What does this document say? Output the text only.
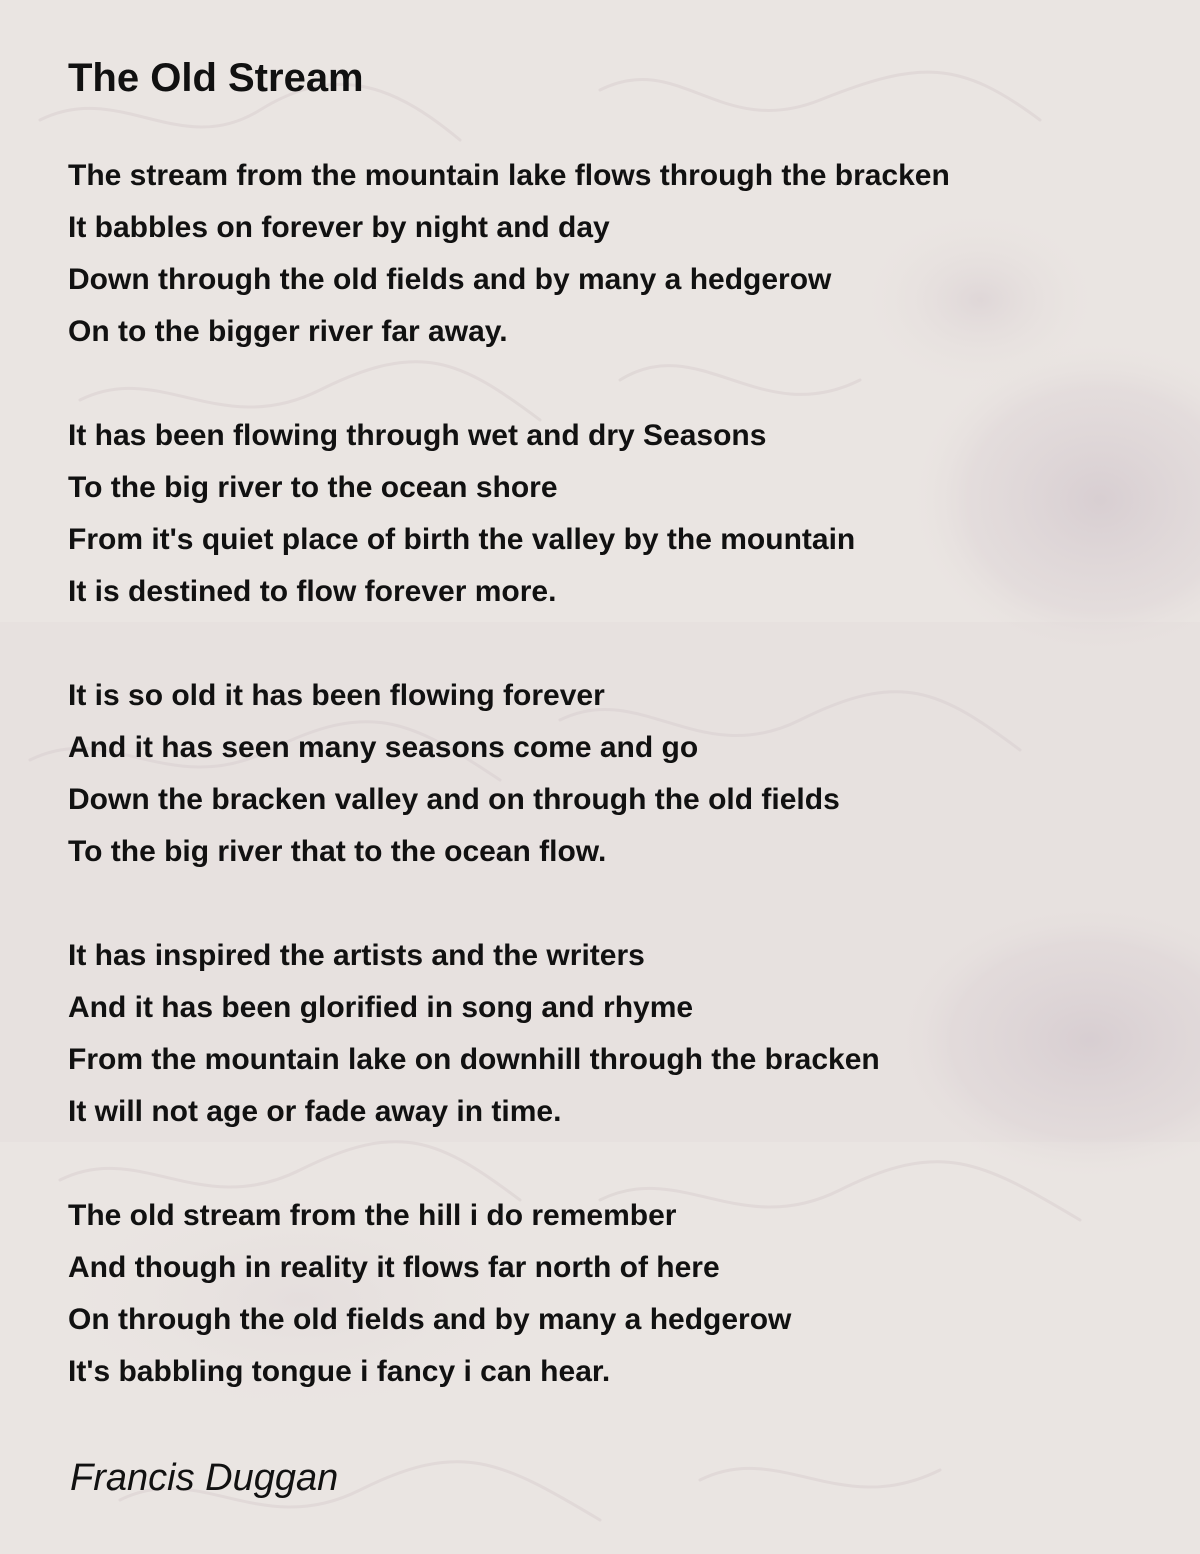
The Old Stream
The stream from the mountain lake flows through the bracken
It babbles on forever by night and day
Down through the old fields and by many a hedgerow
On to the bigger river far away.
It has been flowing through wet and dry Seasons
To the big river to the ocean shore
From it's quiet place of birth the valley by the mountain
It is destined to flow forever more.
It is so old it has been flowing forever
And it has seen many seasons come and go
Down the bracken valley and on through the old fields
To the big river that to the ocean flow.
It has inspired the artists and the writers
And it has been glorified in song and rhyme
From the mountain lake on downhill through the bracken
It will not age or fade away in time.
The old stream from the hill i do remember
And though in reality it flows far north of here
On through the old fields and by many a hedgerow
It's babbling tongue i fancy i can hear.
Francis Duggan
